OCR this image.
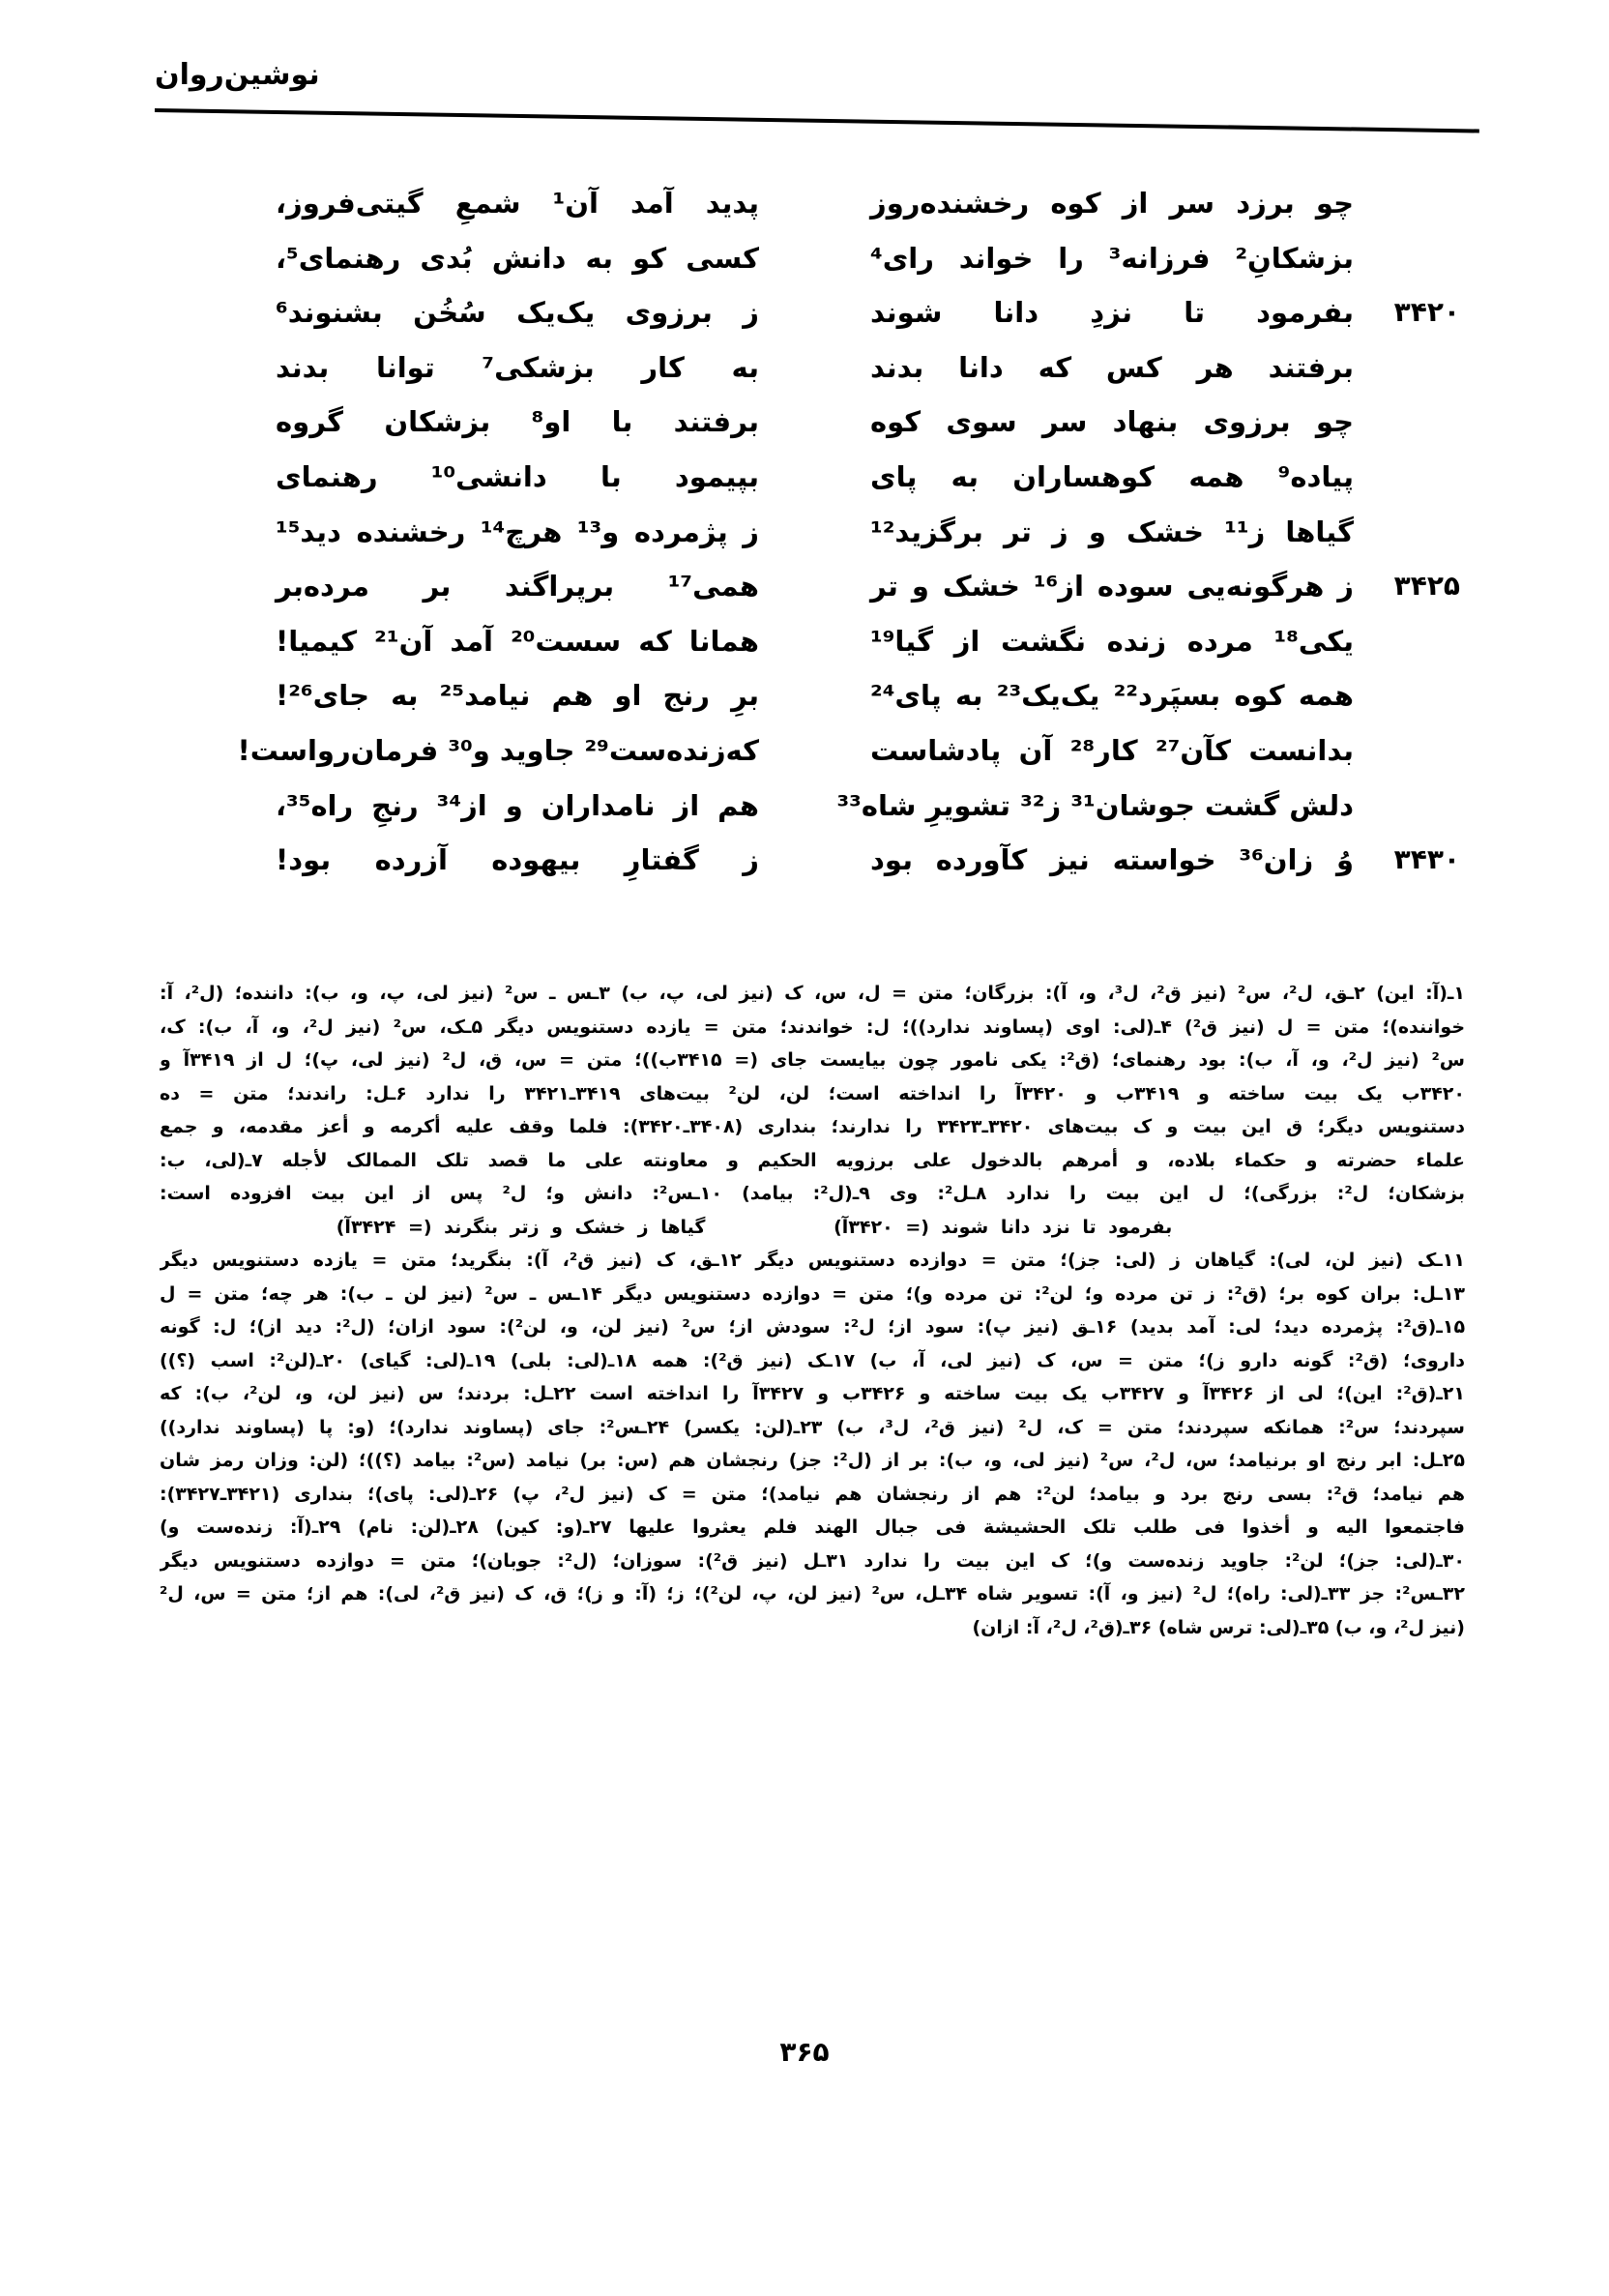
نوشین‌روان
چو برزد سر از کوه رخشنده‌روز
بزشکانِ² فرزانه³ را خواند رای⁴
۳۴۲۰
بفرمود تا نزدِ دانا شوند
برفتند هر کس که دانا بدند
چو برزوی بنهاد سر سوی کوه
پیاده⁹ همه کوهساران به پای
گیاها ز¹¹ خشک و ز تر برگزید¹²
۳۴۲۵
ز هرگونه‌یی سوده از¹⁶ خشک و تر
یکی¹⁸ مرده زنده نگشت از گیا¹⁹
همه کوه بسپَرد²² یک‌یک²³ به پای²⁴
بدانست کآن²⁷ کار²⁸ آن پادشاست
دلش گشت جوشان³¹ ز³² تشویرِ شاه³³
۳۴۳۰
وُ زان³⁶ خواسته نیز کآورده بود
پدید آمد آن¹ شمعِ گیتی‌فروز،
کسی کو به دانش بُدی رهنمای⁵،
ز برزوی یک‌یک سُخُن بشنوند⁶
به کار بزشکی⁷ توانا بدند
برفتند با او⁸ بزشکان گروه
بپیمود با دانشی¹⁰ رهنمای
ز پژمرده و¹³ هرچ¹⁴ رخشنده دید¹⁵
همی¹⁷ برپراگند بر مرده‌بر
همانا که سست²⁰ آمد آن²¹ کیمیا!
برِ رنج او هم نیامد²⁵ به جای²⁶!
که‌زنده‌ست²⁹ جاوید و³⁰ فرمان‌رواست!
هم از نامداران و از³⁴ رنجِ راه³⁵،
ز گفتارِ بیهوده آزرده بود!
۱ـ(آ: این) ۲ـق، ل²، س² (نیز ق²، ل³، و، آ): بزرگان؛ متن = ل، س، ک (نیز لی، پ، ب) ۳ـس ـ س² (نیز لی، پ، و، ب): دانندە؛ (ل²، آ:
خوانندە)؛ متن = ل (نیز ق²) ۴ـ(لی: اوی (پساوند ندارد))؛ ل: خواندند؛ متن = یازده دستنویس دیگر ۵ـک، س² (نیز ل²، و، آ، ب): ک،
س² (نیز ل²، و، آ، ب): بود رهنمای؛ (ق²: یکی نامور چون بیایست جای (= ۳۴۱۵ب))؛ متن = س، ق، ل² (نیز لی، پ)؛ ل از ۳۴۱۹آ و
۳۴۲۰ب یک بیت ساخته و ۳۴۱۹ب و ۳۴۲۰آ را انداخته است؛ لن، لن² بیت‌های ۳۴۱۹ـ۳۴۲۱ را ندارد ۶ـل: راندند؛ متن = ده
دستنویس دیگر؛ ق این بیت و ک بیت‌های ۳۴۲۰ـ۳۴۲۳ را ندارند؛ بنداری (۳۴۰۸ـ۳۴۲۰): فلما وقف علیه أکرمه و أعز مقدمه، و جمع
علماء حضرته و حکماء بلاده، و أمرهم بالدخول علی برزویه الحکیم و معاونته علی ما قصد تلک الممالک لأجله ۷ـ(لی، ب:
بزشکان؛ ل²: بزرگی)؛ ل این بیت را ندارد ۸ـل²: وی ۹ـ(ل²: بیامد) ۱۰ـس²: دانش و؛ ل² پس از این بیت افزوده است:
بفرمود تا نزد دانا شوند (= ۳۴۲۰آ) گیاها ز خشک و زتر بنگرند (= ۳۴۲۴آ)
۱۱ـک (نیز لن، لی): گیاهان ز (لی: جز)؛ متن = دوازده دستنویس دیگر ۱۲ـق، ک (نیز ق²، آ): بنگرید؛ متن = یازده دستنویس دیگر
۱۳ـل: بران کوه بر؛ (ق²: ز تن مرده و؛ لن²: تن مرده و)؛ متن = دوازده دستنویس دیگر ۱۴ـس ـ س² (نیز لن ـ ب): هر چه؛ متن = ل
۱۵ـ(ق²: پژمرده دید؛ لی: آمد بدید) ۱۶ـق (نیز پ): سود از؛ ل²: سودش از؛ س² (نیز لن، و، لن²): سود ازان؛ (ل²: دید از)؛ ل: گونه
داروی؛ (ق²: گونه دارو ز)؛ متن = س، ک (نیز لی، آ، ب) ۱۷ـک (نیز ق²): همه ۱۸ـ(لی: بلی) ۱۹ـ(لی: گیای) ۲۰ـ(لن²: اسب (؟))
۲۱ـ(ق²: این)؛ لی از ۳۴۲۶آ و ۳۴۲۷ب یک بیت ساخته و ۳۴۲۶ب و ۳۴۲۷آ را انداخته است ۲۲ـل: بردند؛ س (نیز لن، و، لن²، ب): که
سپردند؛ س²: همانکه سپردند؛ متن = ک، ل² (نیز ق²، ل³، ب) ۲۳ـ(لن: یکسر) ۲۴ـس²: جای (پساوند ندارد)؛ (و: پا (پساوند ندارد))
۲۵ـل: ابر رنج او برنیامد؛ س، ل²، س² (نیز لی، و، ب): بر از (ل²: جز) رنجشان هم (س: بر) نیامد (س²: بیامد (؟))؛ (لن: وزان رمز شان
هم نیامد؛ ق²: بسی رنج برد و بیامد؛ لن²: هم از رنجشان هم نیامد)؛ متن = ک (نیز ل²، پ) ۲۶ـ(لی: پای)؛ بنداری (۳۴۲۱ـ۳۴۲۷):
فاجتمعوا الیه و أخذوا فی طلب تلک الحشیشة فی جبال الهند فلم یعثروا علیها ۲۷ـ(و: کین) ۲۸ـ(لن: نام) ۲۹ـ(آ: زنده‌ست و)
۳۰ـ(لی: جز)؛ لن²: جاوید زنده‌ست و)؛ ک این بیت را ندارد ۳۱ـل (نیز ق²): سوزان؛ (ل²: جوبان)؛ متن = دوازده دستنویس دیگر
۳۲ـس²: جز ۳۳ـ(لی: راه)؛ ل² (نیز و، آ): تسویر شاه ۳۴ـل، س² (نیز لن، پ، لن²)؛ ز؛ (آ: و ز)؛ ق، ک (نیز ق²، لی): هم از؛ متن = س، ل²
(نیز ل²، و، ب) ۳۵ـ(لی: ترس شاه) ۳۶ـ(ق²، ل²، آ: ازان)
۳۶۵
